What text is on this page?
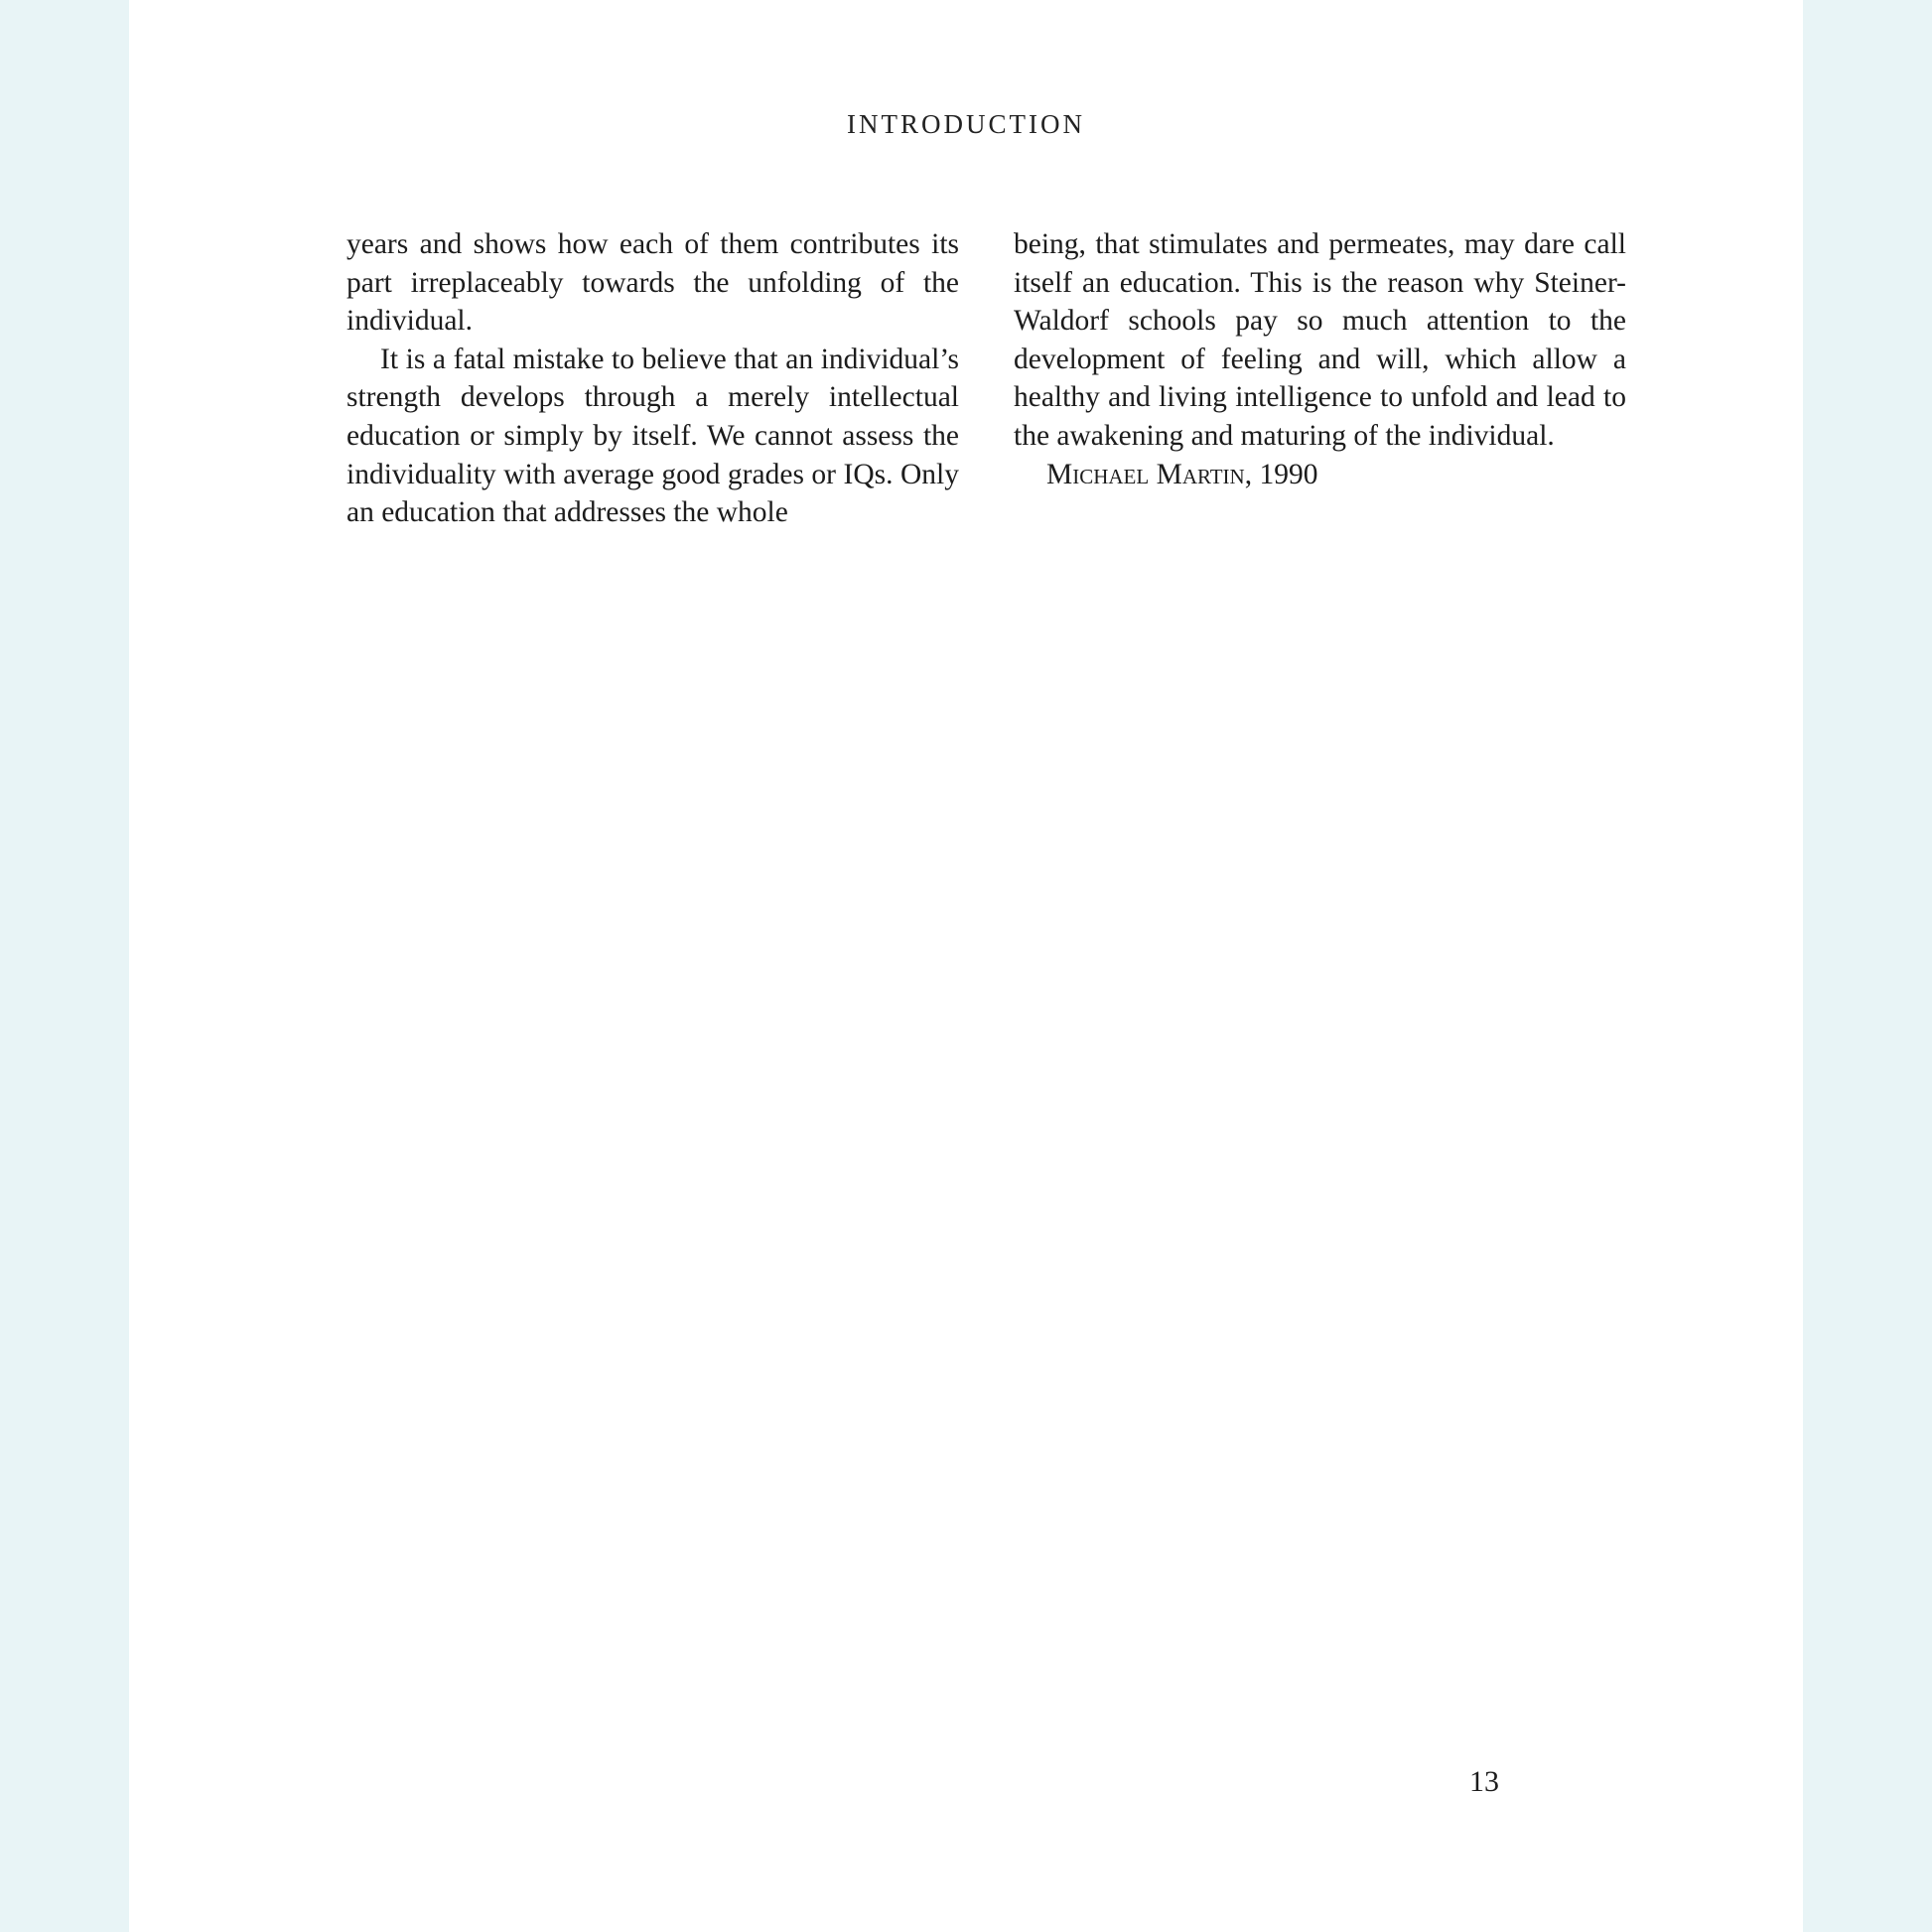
INTRODUCTION

years and shows how each of them contributes its part irreplaceably towards the unfolding of the individual.

It is a fatal mistake to believe that an individual’s strength develops through a merely intellectual education or simply by itself. We cannot assess the individuality with average good grades or IQs. Only an education that addresses the whole

being, that stimulates and permeates, may dare call itself an education. This is the reason why Steiner-Waldorf schools pay so much attention to the development of feeling and will, which allow a healthy and living intelligence to unfold and lead to the awakening and maturing of the individual.

Michael Martin, 1990

13
